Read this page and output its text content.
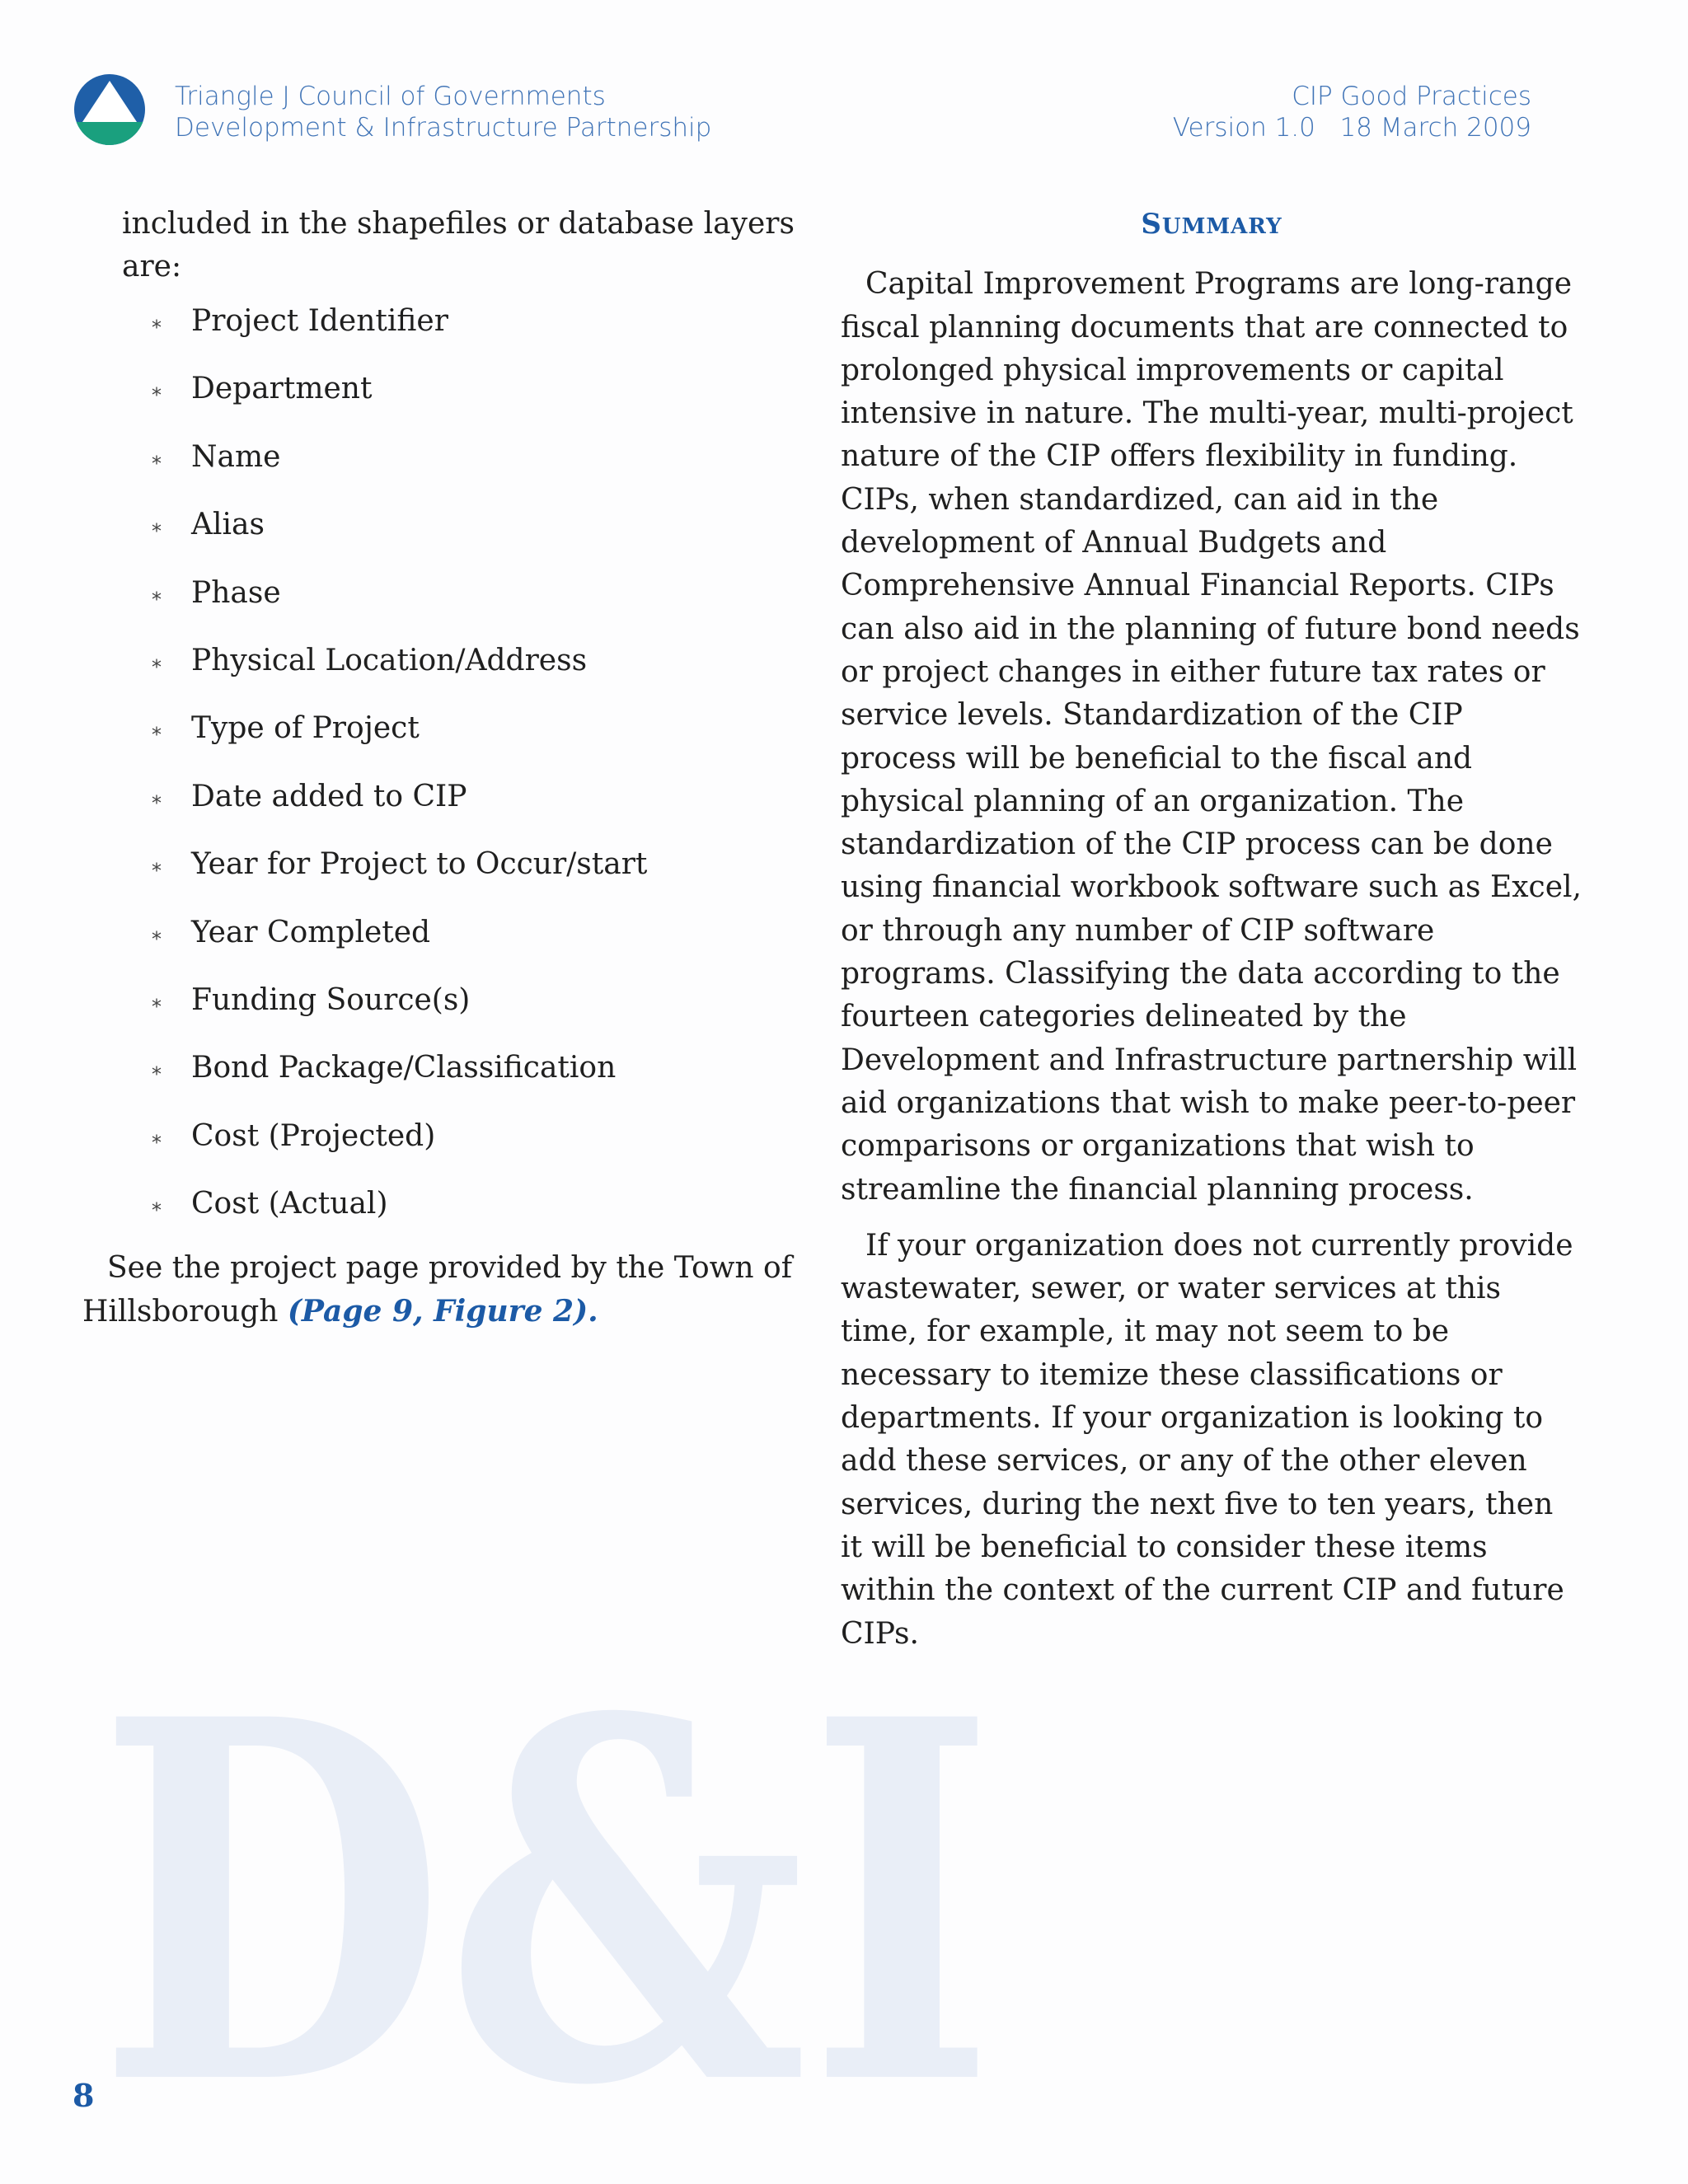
Triangle J Council of Governments
Development & Infrastructure Partnership
CIP Good Practices
Version 1.0   18 March 2009
D&I

included in the shapefiles or database layers are:

⁎ Project Identifier
⁎ Department
⁎ Name
⁎ Alias
⁎ Phase
⁎ Physical Location/Address
⁎ Type of Project
⁎ Date added to CIP
⁎ Year for Project to Occur/start
⁎ Year Completed
⁎ Funding Source(s)
⁎ Bond Package/Classification
⁎ Cost (Projected)
⁎ Cost (Actual)

See the project page provided by the Town of Hillsborough (Page 9, Figure 2).

SUMMARY

Capital Improvement Programs are long-range fiscal planning documents that are connected to prolonged physical improvements or capital intensive in nature. The multi-year, multi-project nature of the CIP offers flexibility in funding. CIPs, when standardized, can aid in the development of Annual Budgets and Comprehensive Annual Financial Reports. CIPs can also aid in the planning of future bond needs or project changes in either future tax rates or service levels. Standardization of the CIP process will be beneficial to the fiscal and physical planning of an organization. The standardization of the CIP process can be done using financial workbook software such as Excel, or through any number of CIP software programs. Classifying the data according to the fourteen categories delineated by the Development and Infrastructure partnership will aid organizations that wish to make peer-to-peer comparisons or organizations that wish to streamline the financial planning process.

If your organization does not currently provide wastewater, sewer, or water services at this time, for example, it may not seem to be necessary to itemize these classifications or departments. If your organization is looking to add these services, or any of the other eleven services, during the next five to ten years, then it will be beneficial to consider these items within the context of the current CIP and future CIPs.

8
